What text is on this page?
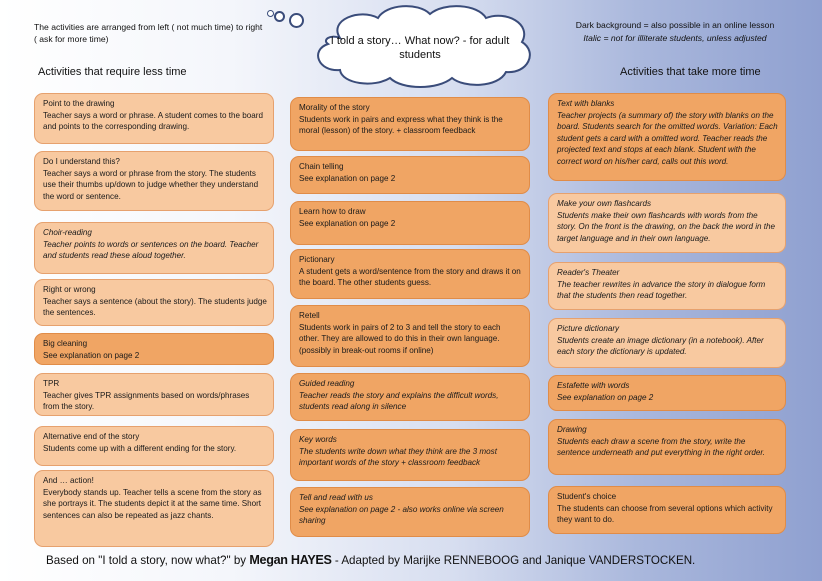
The activities are arranged from left ( not much time) to right ( ask for more time)
Dark background = also possible in an online lesson
Italic = not for illiterate students, unless adjusted
I told a story… What now? - for adult students
Activities that require less time	Activities that take more time
Point to the drawing
Teacher says a word or phrase. A student comes to the board and points to the corresponding drawing.
Do I understand this?
Teacher says a word or phrase from the story. The students use their thumbs up/down to judge whether they understand the word or sentence.
Choir-reading
Teacher points to words or sentences on the board. Teacher and students read these aloud together.
Right or wrong
Teacher says a sentence (about the story). The students judge the sentences.
Big cleaning
See explanation on page 2
TPR
Teacher gives TPR assignments based on words/phrases from the story.
Alternative end of the story
Students come up with a different ending for the story.
And … action!
Everybody stands up. Teacher tells a scene from the story as she portrays it. The students depict it at the same time. Short sentences can also be repeated as jazz chants.
Morality of the story
Students work in pairs and express what they think is the moral (lesson) of the story. + classroom feedback
Chain telling
See explanation on page 2
Learn how to draw
See explanation on page 2
Pictionary
A student gets a word/sentence from the story and draws it on the board. The other students guess.
Retell
Students work in pairs of 2 to 3 and tell the story to each other. They are allowed to do this in their own language. (possibly in break-out rooms if online)
Guided reading
Teacher reads the story and explains the difficult words, students read along in silence
Key words
The students write down what they think are the 3 most important words of the story + classroom feedback
Tell and read with us
See explanation on page 2 - also works online via screen sharing
Text with blanks
Teacher projects (a summary of) the story with blanks on the board. Students search for the omitted words. Variation: Each student gets a card with a omitted word. Teacher reads the projected text and stops at each blank. Student with the correct word on his/her card, calls out this word.
Make your own flashcards
Students make their own flashcards with words from the story. On the front is the drawing, on the back the word in the target language and in their own language.
Reader's Theater
The teacher rewrites in advance the story in dialogue form that the students then read together.
Picture dictionary
Students create an image dictionary (in a notebook). After each story the dictionary is updated.
Estafette with words
See explanation on page 2
Drawing
Students each draw a scene from the story, write the sentence underneath and put everything in the right order.
Student's choice
The students can choose from several options which activity they want to do.
Based on "I told a story, now what?" by Megan HAYES - Adapted by Marijke RENNEBOOG and Janique VANDERSTOCKEN.
